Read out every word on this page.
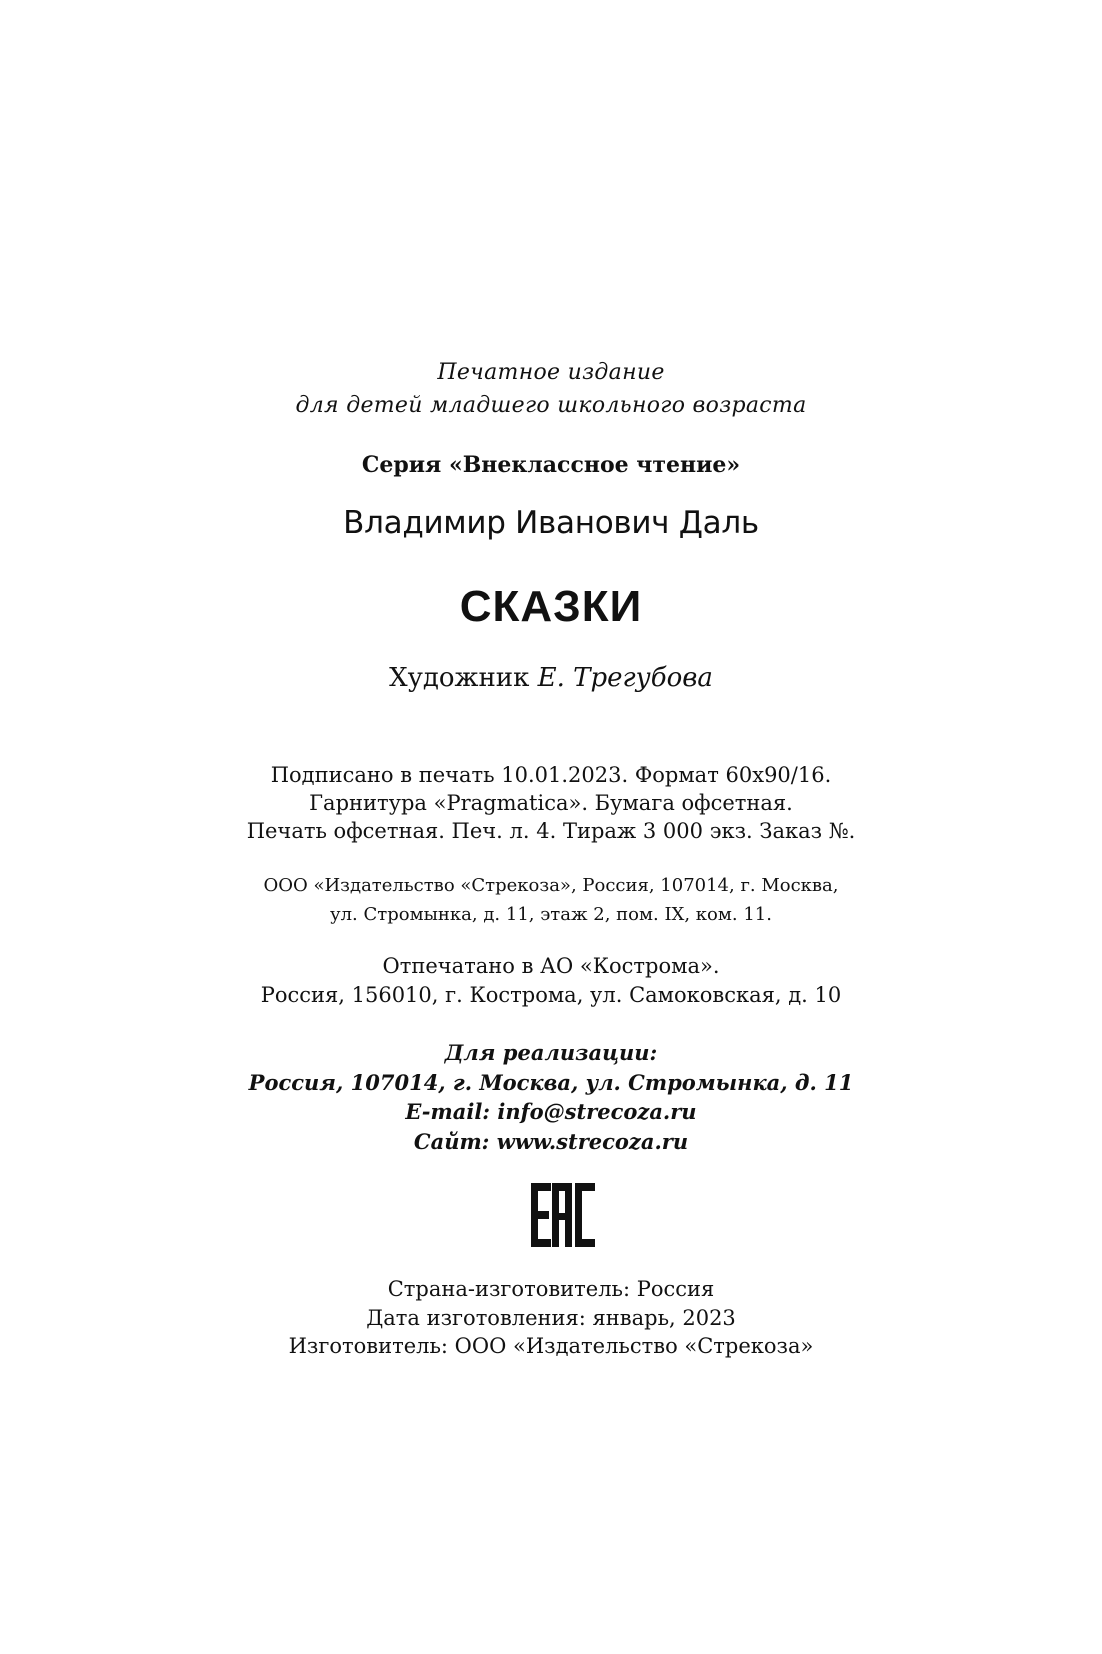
Печатное издание
для детей младшего школьного возраста
Серия «Внеклассное чтение»
Владимир Иванович Даль
СКАЗКИ
Художник Е. Трегубова
Подписано в печать 10.01.2023. Формат 60х90/16.
Гарнитура «Pragmatica». Бумага офсетная.
Печать офсетная. Печ. л. 4. Тираж 3 000 экз. Заказ №.
ООО «Издательство «Стрекоза», Россия, 107014, г. Москва,
ул. Стромынка, д. 11, этаж 2, пом. IX, ком. 11.
Отпечатано в АО «Кострома».
Россия, 156010, г. Кострома, ул. Самоковская, д. 10
Для реализации:
Россия, 107014, г. Москва, ул. Стромынка, д. 11
E-mail: info@strecoza.ru
Сайт: www.strecoza.ru
Страна-изготовитель: Россия
Дата изготовления: январь, 2023
Изготовитель: ООО «Издательство «Стрекоза»
